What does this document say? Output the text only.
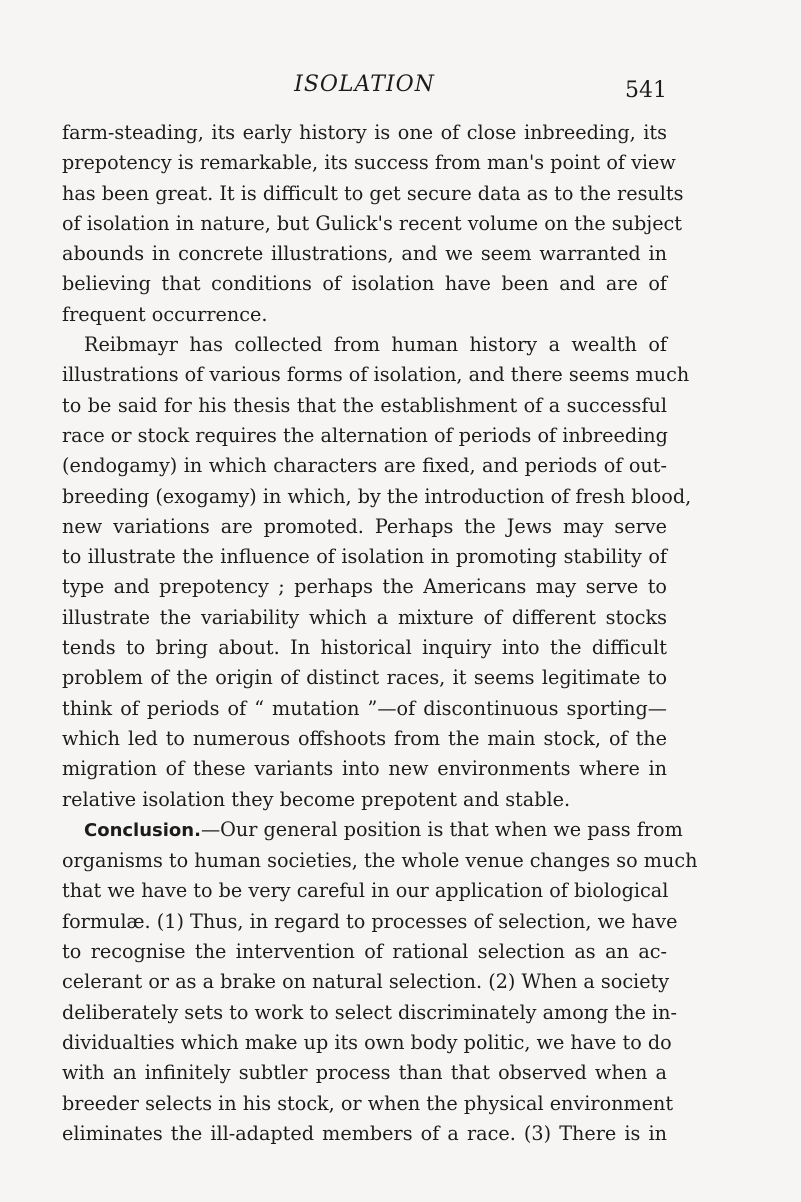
ISOLATION	541
farm-steading, its early history is one of close inbreeding, its
prepotency is remarkable, its success from man's point of view
has been great. It is difficult to get secure data as to the results
of isolation in nature, but Gulick's recent volume on the subject
abounds in concrete illustrations, and we seem warranted in
believing that conditions of isolation have been and are of
frequent occurrence.
Reibmayr has collected from human history a wealth of
illustrations of various forms of isolation, and there seems much
to be said for his thesis that the establishment of a successful
race or stock requires the alternation of periods of inbreeding
(endogamy) in which characters are fixed, and periods of out-
breeding (exogamy) in which, by the introduction of fresh blood,
new variations are promoted. Perhaps the Jews may serve
to illustrate the influence of isolation in promoting stability of
type and prepotency ; perhaps the Americans may serve to
illustrate the variability which a mixture of different stocks
tends to bring about. In historical inquiry into the difficult
problem of the origin of distinct races, it seems legitimate to
think of periods of “ mutation ”—of discontinuous sporting—
which led to numerous offshoots from the main stock, of the
migration of these variants into new environments where in
relative isolation they become prepotent and stable.
Conclusion.—Our general position is that when we pass from
organisms to human societies, the whole venue changes so much
that we have to be very careful in our application of biological
formulæ. (1) Thus, in regard to processes of selection, we have
to recognise the intervention of rational selection as an ac-
celerant or as a brake on natural selection. (2) When a society
deliberately sets to work to select discriminately among the in-
dividualties which make up its own body politic, we have to do
with an infinitely subtler process than that observed when a
breeder selects in his stock, or when the physical environment
eliminates the ill-adapted members of a race. (3) There is in
